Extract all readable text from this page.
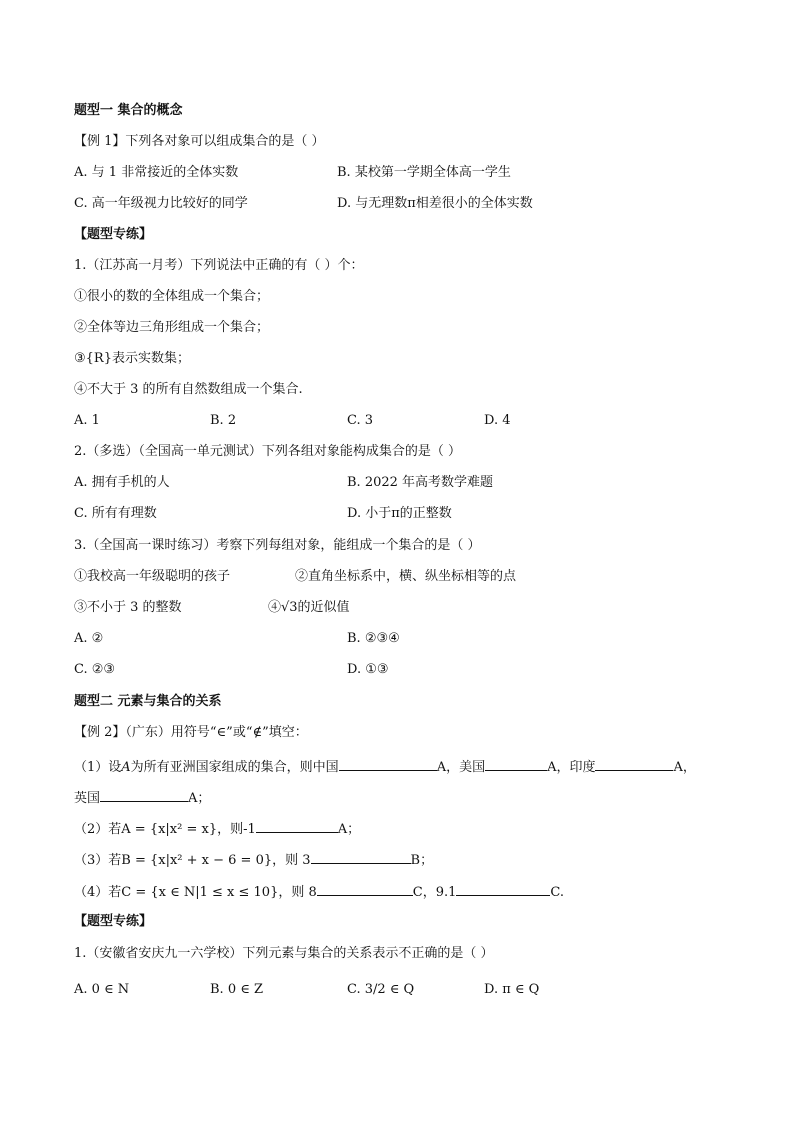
题型一 集合的概念
【例 1】下列各对象可以组成集合的是（ ）
A. 与 1 非常接近的全体实数	B. 某校第一学期全体高一学生
C. 高一年级视力比较好的同学	D. 与无理数π相差很小的全体实数
【题型专练】
1.（江苏高一月考）下列说法中正确的有（ ）个：
①很小的数的全体组成一个集合；
②全体等边三角形组成一个集合；
③{R}表示实数集；
④不大于 3 的所有自然数组成一个集合.
A. 1	B. 2	C. 3	D. 4
2.（多选）（全国高一单元测试）下列各组对象能构成集合的是（ ）
A. 拥有手机的人	B. 2022 年高考数学难题
C. 所有有理数	D. 小于π的正整数
3.（全国高一课时练习）考察下列每组对象，能组成一个集合的是（ ）
①我校高一年级聪明的孩子	②直角坐标系中，横、纵坐标相等的点
③不小于 3 的整数	④√3的近似值
A. ②	B. ②③④
C. ②③	D. ①③
题型二 元素与集合的关系
【例 2】（广东）用符号“∈”或“∉”填空：
（1）设A为所有亚洲国家组成的集合，则中国	A，美国	A，印度	A，
英国	A；
（2）若A = {x|x² = x}，则-1	A；
（3）若B = {x|x² + x − 6 = 0}，则 3	B；
（4）若C = {x ∈ N|1 ≤ x ≤ 10}，则 8	C，9.1	C.
【题型专练】
1.（安徽省安庆九一六学校）下列元素与集合的关系表示不正确的是（ ）
A. 0 ∈ N	B. 0 ∈ Z	C. 3/2 ∈ Q	D. π ∈ Q
